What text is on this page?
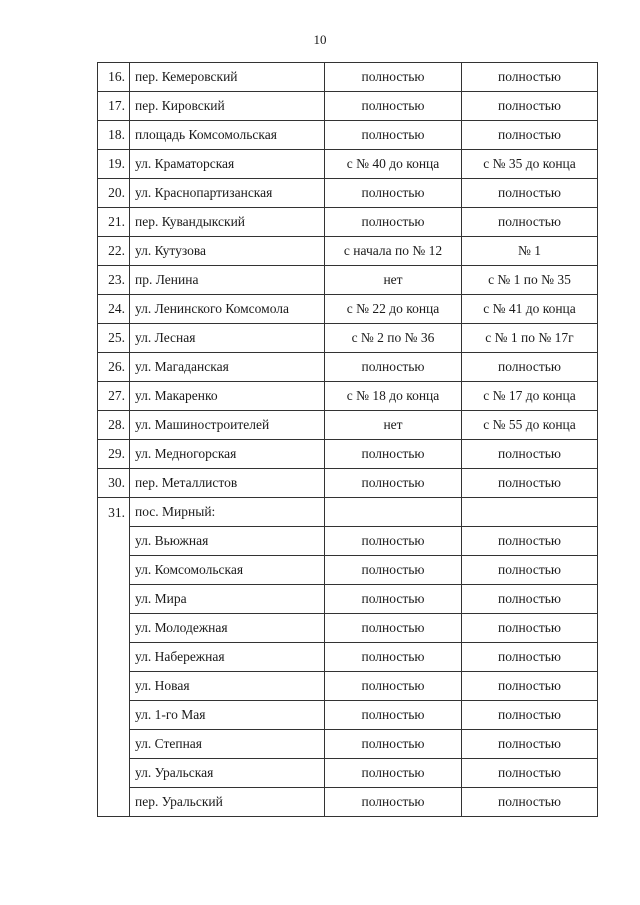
10
16.	пер. Кемеровский	полностью	полностью
17.	пер. Кировский	полностью	полностью
18.	площадь Комсомольская	полностью	полностью
19.	ул. Краматорская	с № 40 до конца	с № 35 до конца
20.	ул. Краснопартизанская	полностью	полностью
21.	пер. Кувандыкский	полностью	полностью
22.	ул. Кутузова	с начала по № 12	№ 1
23.	пр. Ленина	нет	с № 1 по № 35
24.	ул. Ленинского Комсомола	с № 22 до конца	с № 41 до конца
25.	ул. Лесная	с № 2 по № 36	с № 1 по № 17г
26.	ул. Магаданская	полностью	полностью
27.	ул. Макаренко	с № 18 до конца	с № 17 до конца
28.	ул. Машиностроителей	нет	с № 55 до конца
29.	ул. Медногорская	полностью	полностью
30.	пер. Металлистов	полностью	полностью
31.	пос. Мирный:		
	ул. Вьюжная	полностью	полностью
	ул. Комсомольская	полностью	полностью
	ул. Мира	полностью	полностью
	ул. Молодежная	полностью	полностью
	ул. Набережная	полностью	полностью
	ул. Новая	полностью	полностью
	ул. 1-го Мая	полностью	полностью
	ул. Степная	полностью	полностью
	ул. Уральская	полностью	полностью
	пер. Уральский	полностью	полностью
